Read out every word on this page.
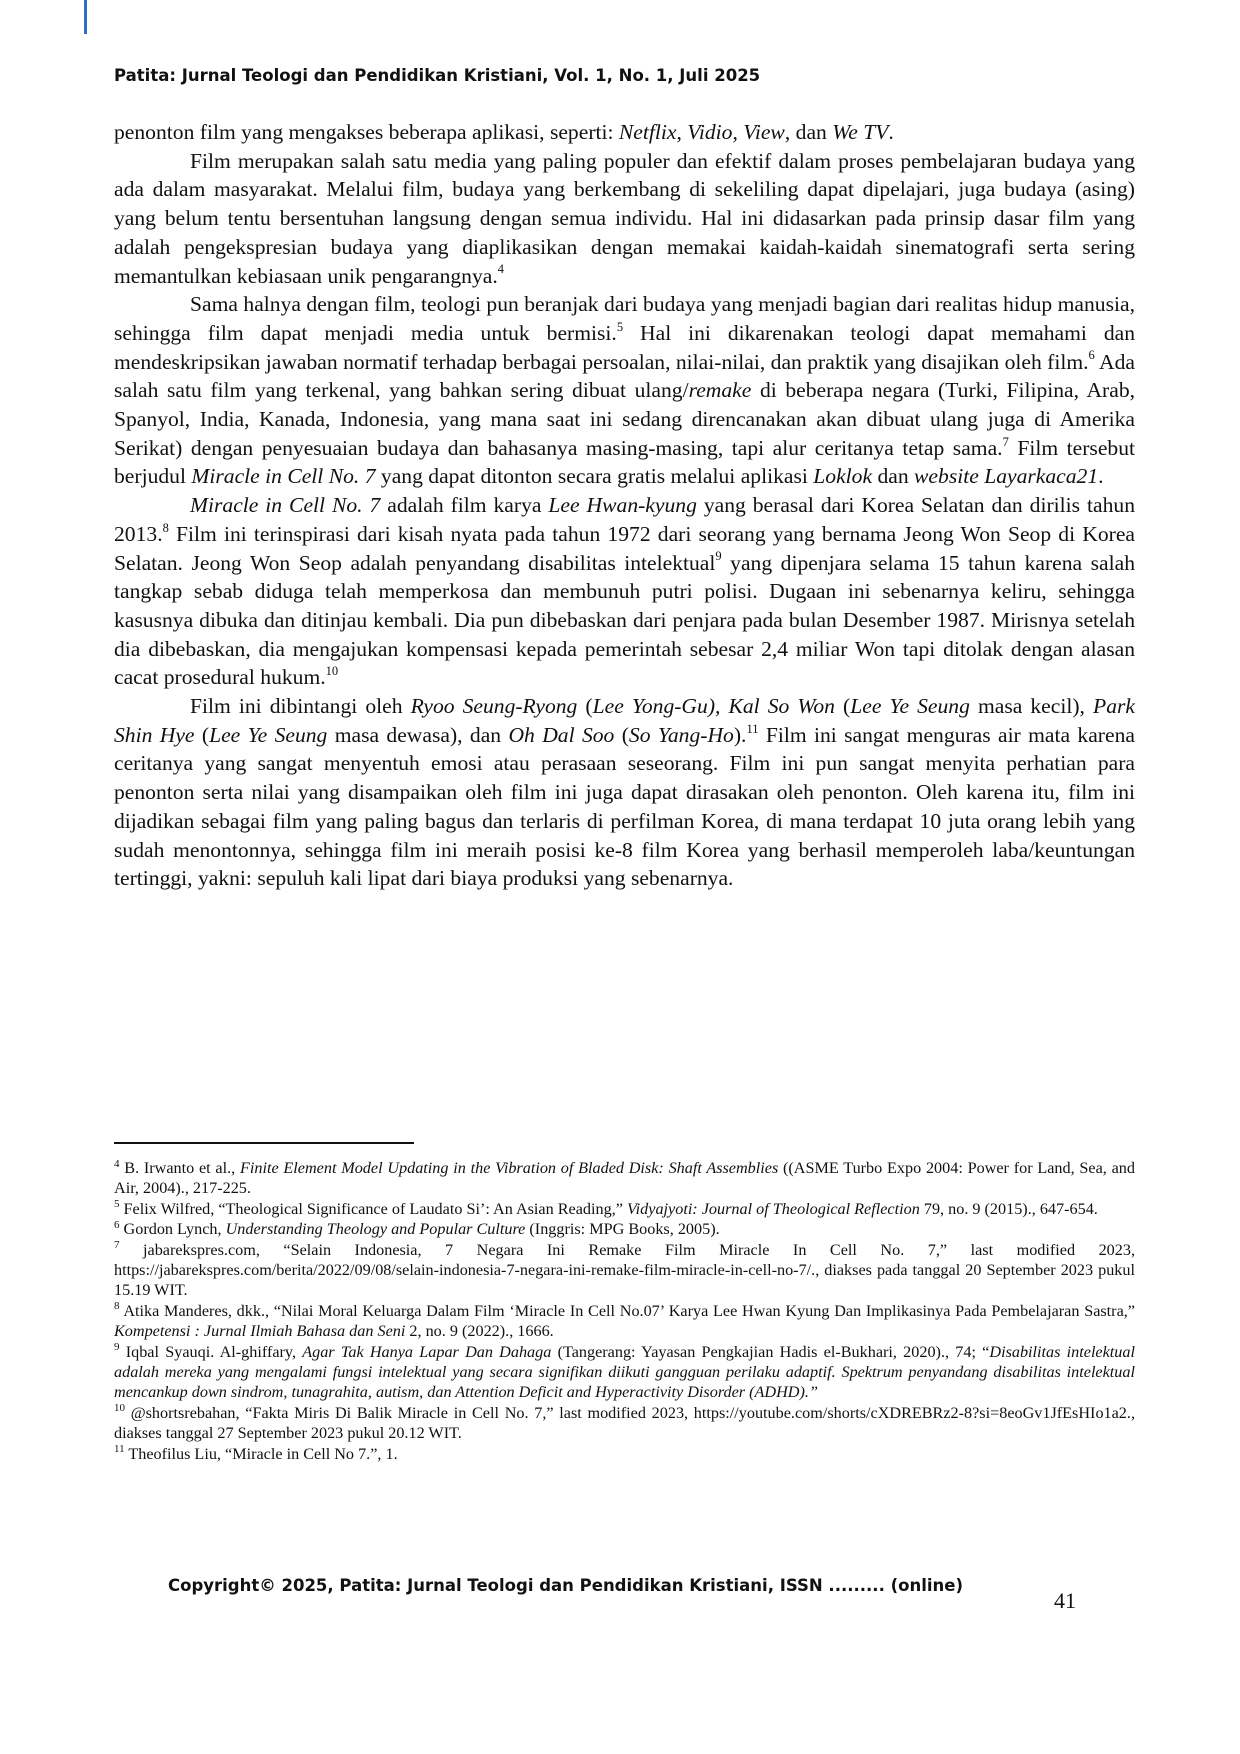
Patita: Jurnal Teologi dan Pendidikan Kristiani, Vol. 1, No. 1, Juli 2025

penonton film yang mengakses beberapa aplikasi, seperti: Netflix, Vidio, View, dan We TV.

Film merupakan salah satu media yang paling populer dan efektif dalam proses pembelajaran budaya yang ada dalam masyarakat. Melalui film, budaya yang berkembang di sekeliling dapat dipelajari, juga budaya (asing) yang belum tentu bersentuhan langsung dengan semua individu. Hal ini didasarkan pada prinsip dasar film yang adalah pengekspresian budaya yang diaplikasikan dengan memakai kaidah-kaidah sinematografi serta sering memantulkan kebiasaan unik pengarangnya.$^4$

Sama halnya dengan film, teologi pun beranjak dari budaya yang menjadi bagian dari realitas hidup manusia, sehingga film dapat menjadi media untuk bermisi.$^5$ Hal ini dikarenakan teologi dapat memahami dan mendeskripsikan jawaban normatif terhadap berbagai persoalan, nilai-nilai, dan praktik yang disajikan oleh film.$^6$ Ada salah satu film yang terkenal, yang bahkan sering dibuat ulang/remake di beberapa negara (Turki, Filipina, Arab, Spanyol, India, Kanada, Indonesia, yang mana saat ini sedang direncanakan akan dibuat ulang juga di Amerika Serikat) dengan penyesuaian budaya dan bahasanya masing-masing, tapi alur ceritanya tetap sama.$^7$ Film tersebut berjudul Miracle in Cell No. 7 yang dapat ditonton secara gratis melalui aplikasi Loklok dan website Layarkaca21.

Miracle in Cell No. 7 adalah film karya Lee Hwan-kyung yang berasal dari Korea Selatan dan dirilis tahun 2013.$^8$ Film ini terinspirasi dari kisah nyata pada tahun 1972 dari seorang yang bernama Jeong Won Seop di Korea Selatan. Jeong Won Seop adalah penyandang disabilitas intelektual$^9$ yang dipenjara selama 15 tahun karena salah tangkap sebab diduga telah memperkosa dan membunuh putri polisi. Dugaan ini sebenarnya keliru, sehingga kasusnya dibuka dan ditinjau kembali. Dia pun dibebaskan dari penjara pada bulan Desember 1987. Mirisnya setelah dia dibebaskan, dia mengajukan kompensasi kepada pemerintah sebesar 2,4 miliar Won tapi ditolak dengan alasan cacat prosedural hukum.$^{10}$

Film ini dibintangi oleh Ryoo Seung-Ryong (Lee Yong-Gu), Kal So Won (Lee Ye Seung masa kecil), Park Shin Hye (Lee Ye Seung masa dewasa), dan Oh Dal Soo (So Yang-Ho).$^{11}$ Film ini sangat menguras air mata karena ceritanya yang sangat menyentuh emosi atau perasaan seseorang. Film ini pun sangat menyita perhatian para penonton serta nilai yang disampaikan oleh film ini juga dapat dirasakan oleh penonton. Oleh karena itu, film ini dijadikan sebagai film yang paling bagus dan terlaris di perfilman Korea, di mana terdapat 10 juta orang lebih yang sudah menontonnya, sehingga film ini meraih posisi ke-8 film Korea yang berhasil memperoleh laba/keuntungan tertinggi, yakni: sepuluh kali lipat dari biaya produksi yang sebenarnya.

$^4$ B. Irwanto et al., Finite Element Model Updating in the Vibration of Bladed Disk: Shaft Assemblies ((ASME Turbo Expo 2004: Power for Land, Sea, and Air, 2004)., 217-225.

$^5$ Felix Wilfred, “Theological Significance of Laudato Si’: An Asian Reading,” Vidyajyoti: Journal of Theological Reflection 79, no. 9 (2015)., 647-654.

$^6$ Gordon Lynch, Understanding Theology and Popular Culture (Inggris: MPG Books, 2005).

$^7$ jabarekspres.com, “Selain Indonesia, 7 Negara Ini Remake Film Miracle In Cell No. 7,” last modified 2023, https://jabarekspres.com/berita/2022/09/08/selain-indonesia-7-negara-ini-remake-film-miracle-in-cell-no-7/., diakses pada tanggal 20 September 2023 pukul 15.19 WIT.

$^8$ Atika Manderes, dkk., “Nilai Moral Keluarga Dalam Film ‘Miracle In Cell No.07’ Karya Lee Hwan Kyung Dan Implikasinya Pada Pembelajaran Sastra,” Kompetensi : Jurnal Ilmiah Bahasa dan Seni 2, no. 9 (2022)., 1666.

$^9$ Iqbal Syauqi. Al-ghiffary, Agar Tak Hanya Lapar Dan Dahaga (Tangerang: Yayasan Pengkajian Hadis el-Bukhari, 2020)., 74; “Disabilitas intelektual adalah mereka yang mengalami fungsi intelektual yang secara signifikan diikuti gangguan perilaku adaptif. Spektrum penyandang disabilitas intelektual mencankup down sindrom, tunagrahita, autism, dan Attention Deficit and Hyperactivity Disorder (ADHD).”

$^{10}$ @shortsrebahan, “Fakta Miris Di Balik Miracle in Cell No. 7,” last modified 2023, https://youtube.com/shorts/cXDREBRz2-8?si=8eoGv1JfEsHIo1a2., diakses tanggal 27 September 2023 pukul 20.12 WIT.

$^{11}$ Theofilus Liu, “Miracle in Cell No 7.”, 1.

Copyright© 2025, Patita: Jurnal Teologi dan Pendidikan Kristiani, ISSN ......... (online)
41
